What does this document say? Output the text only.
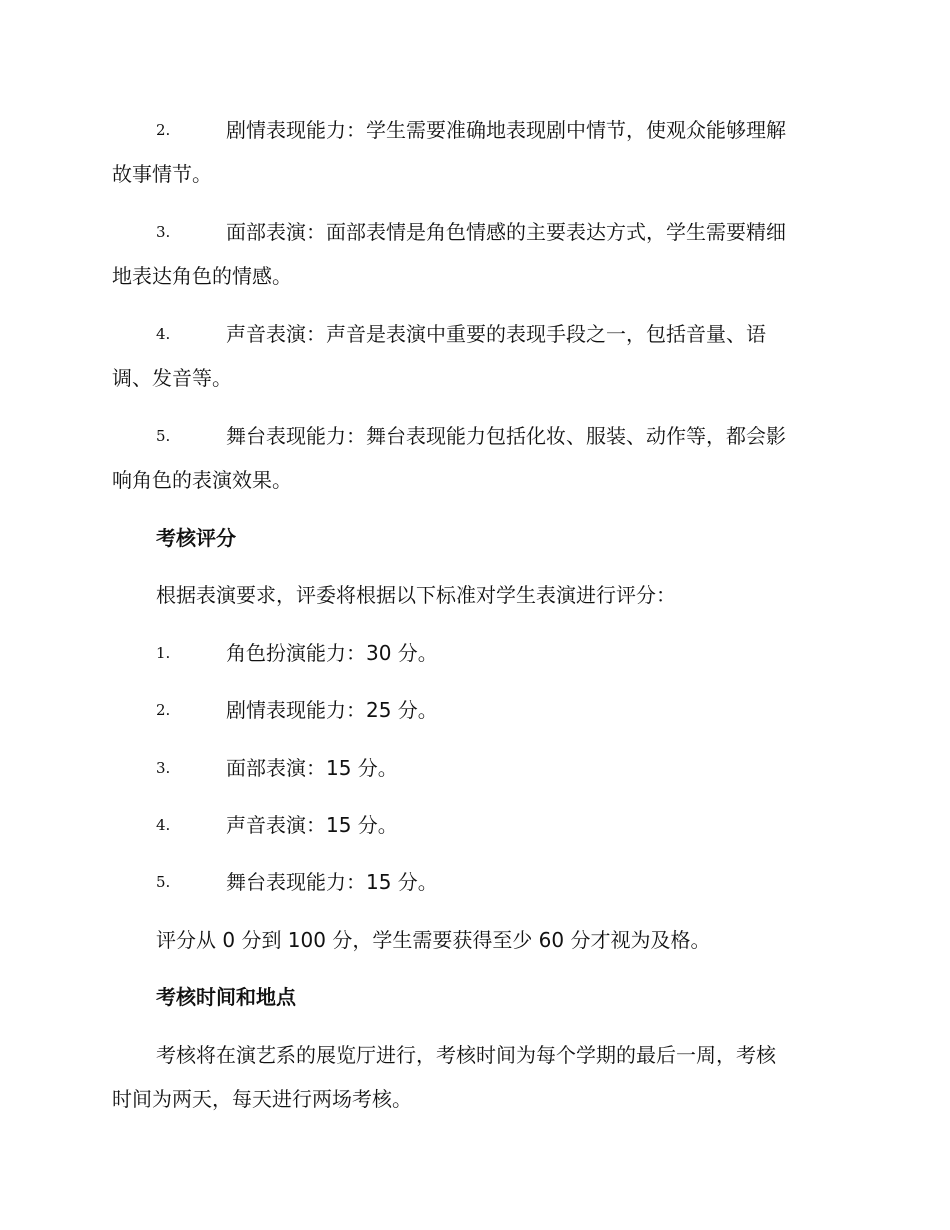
2.	剧情表现能力：学生需要准确地表现剧中情节，使观众能够理解
故事情节。
3.	面部表演：面部表情是角色情感的主要表达方式，学生需要精细
地表达角色的情感。
4.	声音表演：声音是表演中重要的表现手段之一，包括音量、语
调、发音等。
5.	舞台表现能力：舞台表现能力包括化妆、服装、动作等，都会影
响角色的表演效果。
考核评分
根据表演要求，评委将根据以下标准对学生表演进行评分：
1.	角色扮演能力：30 分。
2.	剧情表现能力：25 分。
3.	面部表演：15 分。
4.	声音表演：15 分。
5.	舞台表现能力：15 分。
评分从 0 分到 100 分，学生需要获得至少 60 分才视为及格。
考核时间和地点
考核将在演艺系的展览厅进行，考核时间为每个学期的最后一周，考核
时间为两天，每天进行两场考核。
